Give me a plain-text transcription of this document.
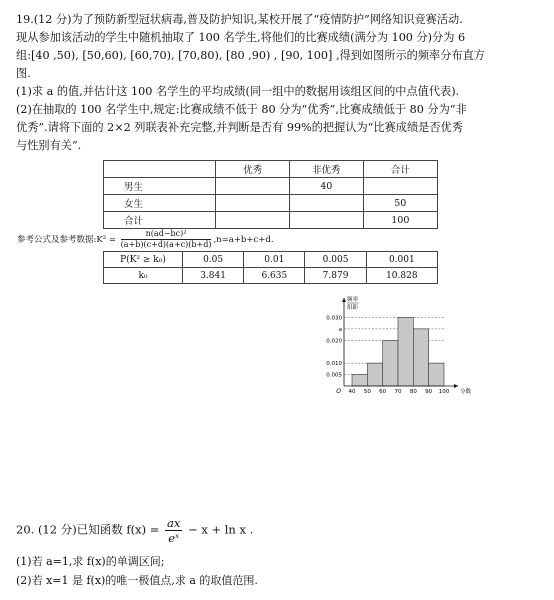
19.(12 分)为了预防新型冠状病毒,普及防护知识,某校开展了“疫情防护”网络知识竞赛活动.
现从参加该活动的学生中随机抽取了 100 名学生,将他们的比赛成绩(满分为 100 分)分为 6
组:[40 ,50), [50,60), [60,70), [70,80), [80 ,90) , [90, 100] ,得到如图所示的频率分布直方
图.
(1)求 a 的值,并估计这 100 名学生的平均成绩(同一组中的数据用该组区间的中点值代表).
(2)在抽取的 100 名学生中,规定:比赛成绩不低于 80 分为“优秀”,比赛成绩低于 80 分为“非
优秀”.请将下面的 2×2 列联表补充完整,并判断是否有 99%的把握认为“比赛成绩是否优秀
与性别有关”.
	优秀	非优秀	合计
男生		40	
女生			50
合计			100
参考公式及参考数据:K² = $\frac{\text{n(ad−bc)²}}{(a+b)(c+d)(a+c)(b+d)} ,n=a+b+c+d$.
P(K² ≥ k₀)	0.05	0.01	0.005	0.001
k₀	3.841	6.635	7.879	10.828
0.005
0.010
0.020
a
0.030
40 50 60 70 80 90 100
O	分数
频率
组距
20. (12 分)已知函数 $f(x) = \frac{ax}{\text{eˣ}} - x + \ln x$ .
(1)若 a=1,求 f(x)的单调区间;
(2)若 x=1 是 f(x)的唯一极值点,求 a 的取值范围.
